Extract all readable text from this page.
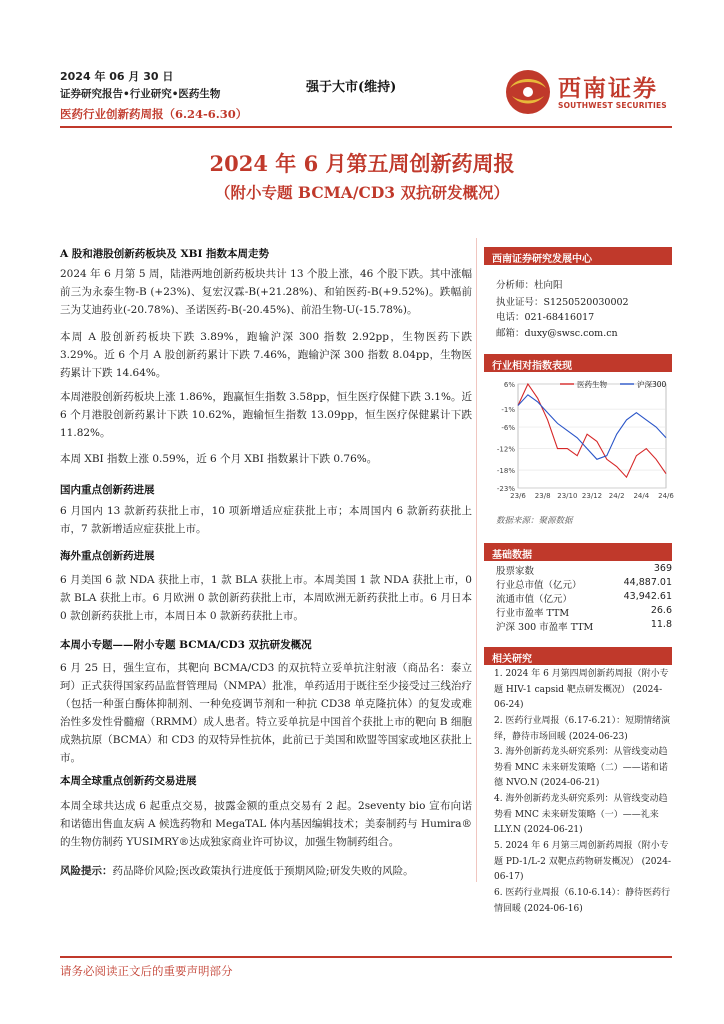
2024 年 06 月 30 日
证券研究报告•行业研究•医药生物
医药行业创新药周报（6.24-6.30）
强于大市(维持)	西南证券
SOUTHWEST SECURITIES
2024 年 6 月第五周创新药周报
（附小专题 BCMA/CD3 双抗研发概况）
A 股和港股创新药板块及 XBI 指数本周走势
2024 年 6 月第 5 周，陆港两地创新药板块共计 13 个股上涨，46 个股下跌。其中涨幅前三为永泰生物-B (+23%)、复宏汉霖-B(+21.28%)、和铂医药-B(+9.52%)。跌幅前三为艾迪药业(-20.78%)、圣诺医药-B(-20.45%)、前沿生物-U(-15.78%)。
本周 A 股创新药板块下跌 3.89%，跑输沪深 300 指数 2.92pp，生物医药下跌 3.29%。近 6 个月 A 股创新药累计下跌 7.46%，跑输沪深 300 指数 8.04pp，生物医药累计下跌 14.64%。
本周港股创新药板块上涨 1.86%，跑赢恒生指数 3.58pp，恒生医疗保健下跌 3.1%。近 6 个月港股创新药累计下跌 10.62%，跑输恒生指数 13.09pp，恒生医疗保健累计下跌 11.82%。
本周 XBI 指数上涨 0.59%，近 6 个月 XBI 指数累计下跌 0.76%。
国内重点创新药进展
6 月国内 13 款新药获批上市，10 项新增适应症获批上市；本周国内 6 款新药获批上市，7 款新增适应症获批上市。
海外重点创新药进展
6 月美国 6 款 NDA 获批上市，1 款 BLA 获批上市。本周美国 1 款 NDA 获批上市，0 款 BLA 获批上市。6 月欧洲 0 款创新药获批上市，本周欧洲无新药获批上市。6 月日本 0 款创新药获批上市，本周日本 0 款新药获批上市。
本周小专题——附小专题 BCMA/CD3 双抗研发概况
6 月 25 日，强生宣布，其靶向 BCMA/CD3 的双抗特立妥单抗注射液（商品名：泰立珂）正式获得国家药品监督管理局（NMPA）批准，单药适用于既往至少接受过三线治疗（包括一种蛋白酶体抑制剂、一种免疫调节剂和一种抗 CD38 单克隆抗体）的复发或难治性多发性骨髓瘤（RRMM）成人患者。特立妥单抗是中国首个获批上市的靶向 B 细胞成熟抗原（BCMA）和 CD3 的双特异性抗体，此前已于美国和欧盟等国家或地区获批上市。
本周全球重点创新药交易进展
本周全球共达成 6 起重点交易，披露金额的重点交易有 2 起。2seventy bio 宣布向诺和诺德出售血友病 A 候选药物和 MegaTAL 体内基因编辑技术；美泰制药与 Humira®的生物仿制药 YUSIMRY®达成独家商业许可协议，加强生物制药组合。
风险提示：药品降价风险;医改政策执行进度低于预期风险;研发失败的风险。
西南证券研究发展中心
分析师：杜向阳
执业证号：S1250520030002
电话：021-68416017
邮箱：duxy@swsc.com.cn
行业相对指数表现
6%
-1%
-6%
-12%
-18%
-23%
23/6 23/8 23/10 23/12 24/2 24/4 24/6
医药生物	沪深300
数据来源：聚源数据
基础数据
股票家数	369
行业总市值（亿元）	44,887.01
流通市值（亿元）	43,942.61
行业市盈率 TTM	26.6
沪深 300 市盈率 TTM	11.8
相关研究
1. 2024 年 6 月第四周创新药周报（附小专题 HIV-1 capsid 靶点研发概况） (2024-06-24)
2. 医药行业周报（6.17-6.21）：短期情绪演绎，静待市场回暖 (2024-06-23)
3. 海外创新药龙头研究系列：从管线变动趋势看 MNC 未来研发策略（二）——诺和诺德 NVO.N (2024-06-21)
4. 海外创新药龙头研究系列：从管线变动趋势看 MNC 未来研发策略（一）——礼来 LLY.N (2024-06-21)
5. 2024 年 6 月第三周创新药周报（附小专题 PD-1/L-2 双靶点药物研发概况） (2024-06-17)
6. 医药行业周报（6.10-6.14）：静待医药行情回暖 (2024-06-16)
请务必阅读正文后的重要声明部分
